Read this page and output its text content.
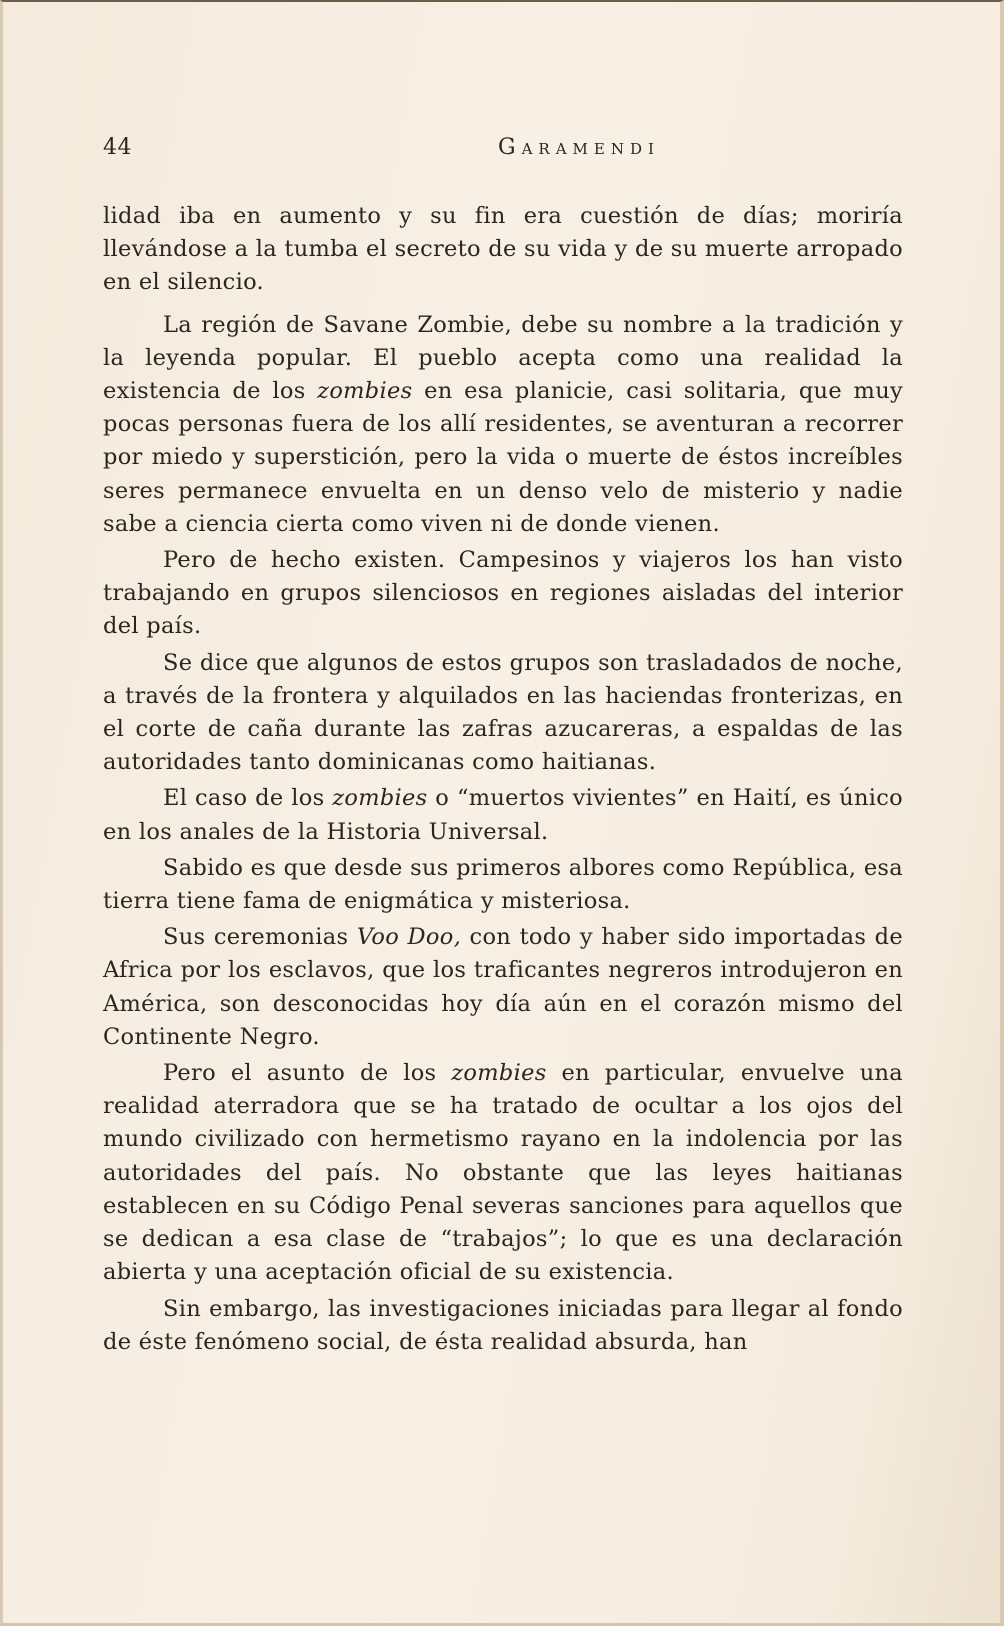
44	Garamendi

lidad iba en aumento y su fin era cuestión de días; moriría llevándose a la tumba el secreto de su vida y de su muerte arropado en el silencio.

La región de Savane Zombie, debe su nombre a la tradición y la leyenda popular. El pueblo acepta como una realidad la existencia de los zombies en esa planicie, casi solitaria, que muy pocas personas fuera de los allí residentes, se aventuran a recorrer por miedo y superstición, pero la vida o muerte de éstos increíbles seres permanece envuelta en un denso velo de misterio y nadie sabe a ciencia cierta como viven ni de donde vienen.

Pero de hecho existen. Campesinos y viajeros los han visto trabajando en grupos silenciosos en regiones aisladas del interior del país.

Se dice que algunos de estos grupos son trasladados de noche, a través de la frontera y alquilados en las haciendas fronterizas, en el corte de caña durante las zafras azucareras, a espaldas de las autoridades tanto dominicanas como haitianas.

El caso de los zombies o “muertos vivientes” en Haití, es único en los anales de la Historia Universal.

Sabido es que desde sus primeros albores como República, esa tierra tiene fama de enigmática y misteriosa.

Sus ceremonias Voo Doo, con todo y haber sido importadas de Africa por los esclavos, que los traficantes negreros introdujeron en América, son desconocidas hoy día aún en el corazón mismo del Continente Negro.

Pero el asunto de los zombies en particular, envuelve una realidad aterradora que se ha tratado de ocultar a los ojos del mundo civilizado con hermetismo rayano en la indolencia por las autoridades del país. No obstante que las leyes haitianas establecen en su Código Penal severas sanciones para aquellos que se dedican a esa clase de “trabajos”; lo que es una declaración abierta y una aceptación oficial de su existencia.

Sin embargo, las investigaciones iniciadas para llegar al fondo de éste fenómeno social, de ésta realidad absurda, han
